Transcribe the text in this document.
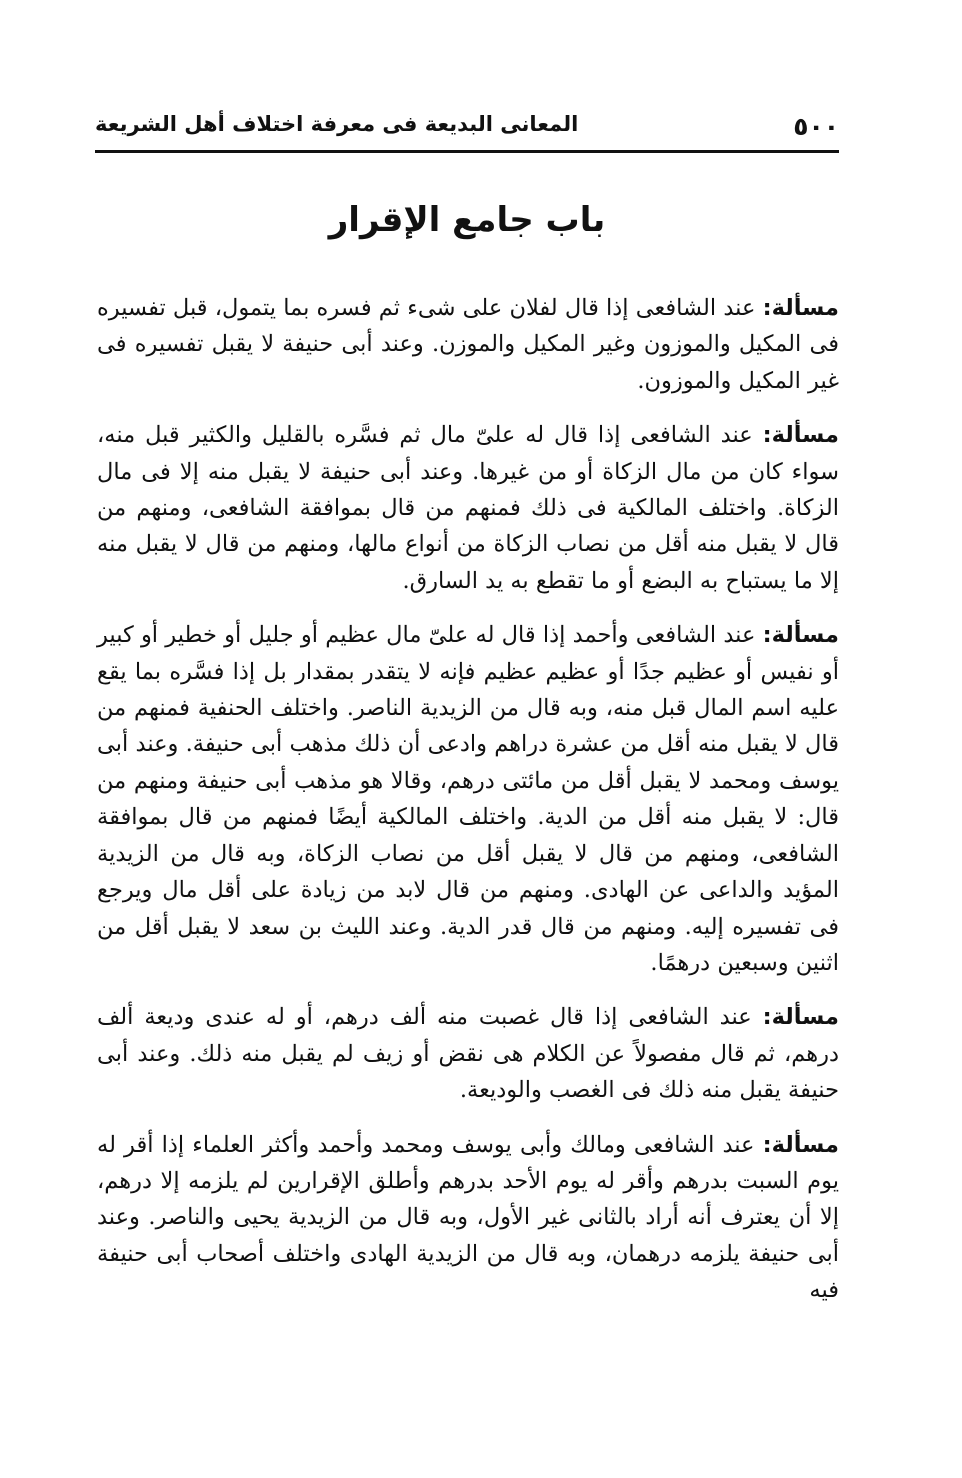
٥٠٠
المعانى البديعة فى معرفة اختلاف أهل الشريعة
باب جامع الإقرار

مسألة: عند الشافعى إذا قال لفلان على شىء ثم فسره بما يتمول، قبل تفسيره فى المكيل والموزون وغير المكيل والموزن. وعند أبى حنيفة لا يقبل تفسيره فى غير المكيل والموزون.

مسألة: عند الشافعى إذا قال له علىّ مال ثم فسَّره بالقليل والكثير قبل منه، سواء كان من مال الزكاة أو من غيرها. وعند أبى حنيفة لا يقبل منه إلا فى مال الزكاة. واختلف المالكية فى ذلك فمنهم من قال بموافقة الشافعى، ومنهم من قال لا يقبل منه أقل من نصاب الزكاة من أنواع مالها، ومنهم من قال لا يقبل منه إلا ما يستباح به البضع أو ما تقطع به يد السارق.

مسألة: عند الشافعى وأحمد إذا قال له علىّ مال عظيم أو جليل أو خطير أو كبير أو نفيس أو عظيم جدًا أو عظيم عظيم فإنه لا يتقدر بمقدار بل إذا فسَّره بما يقع عليه اسم المال قبل منه، وبه قال من الزيدية الناصر. واختلف الحنفية فمنهم من قال لا يقبل منه أقل من عشرة دراهم وادعى أن ذلك مذهب أبى حنيفة. وعند أبى يوسف ومحمد لا يقبل أقل من مائتى درهم، وقالا هو مذهب أبى حنيفة ومنهم من قال: لا يقبل منه أقل من الدية. واختلف المالكية أيضًا فمنهم من قال بموافقة الشافعى، ومنهم من قال لا يقبل أقل من نصاب الزكاة، وبه قال من الزيدية المؤيد والداعى عن الهادى. ومنهم من قال لابد من زيادة على أقل مال ويرجع فى تفسيره إليه. ومنهم من قال قدر الدية. وعند الليث بن سعد لا يقبل أقل من اثنين وسبعين درهمًا.

مسألة: عند الشافعى إذا قال غصبت منه ألف درهم، أو له عندى وديعة ألف درهم، ثم قال مفصولاً عن الكلام هى نقض أو زيف لم يقبل منه ذلك. وعند أبى حنيفة يقبل منه ذلك فى الغصب والوديعة.

مسألة: عند الشافعى ومالك وأبى يوسف ومحمد وأحمد وأكثر العلماء إذا أقر له يوم السبت بدرهم وأقر له يوم الأحد بدرهم وأطلق الإقرارين لم يلزمه إلا درهم، إلا أن يعترف أنه أراد بالثانى غير الأول، وبه قال من الزيدية يحيى والناصر. وعند أبى حنيفة يلزمه درهمان، وبه قال من الزيدية الهادى واختلف أصحاب أبى حنيفة فيه
